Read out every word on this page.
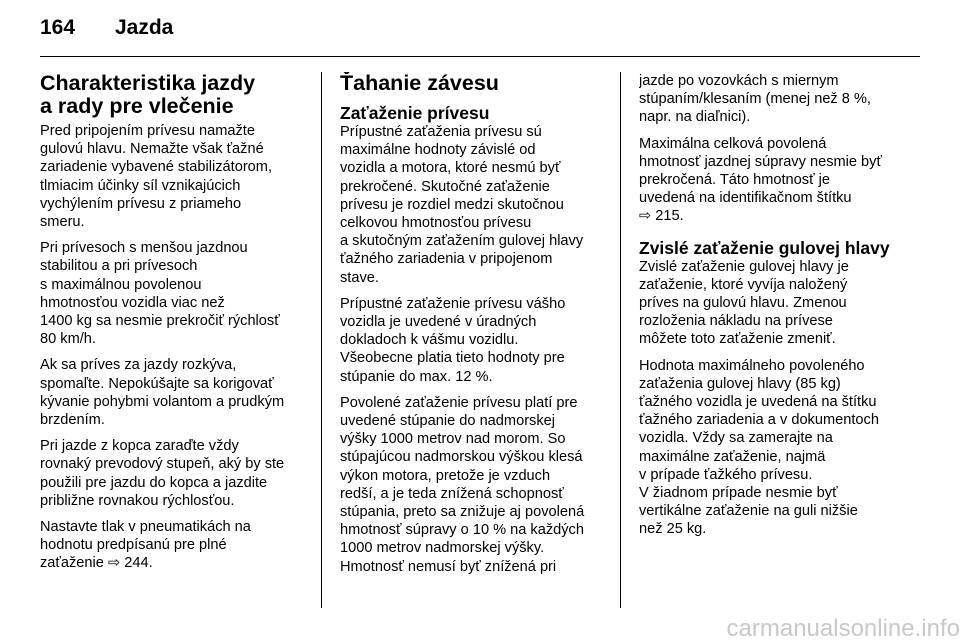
164	Jazda
Charakteristika jazdy
a rady pre vlečenie

Pred pripojením prívesu namažte
gulovú hlavu. Nemažte však ťažné
zariadenie vybavené stabilizátorom,
tlmiacim účinky síl vznikajúcich
vychýlením prívesu z priameho
smeru.

Pri prívesoch s menšou jazdnou
stabilitou a pri prívesoch
s maximálnou povolenou
hmotnosťou vozidla viac než
1400 kg sa nesmie prekročiť rýchlosť
80 km/h.

Ak sa príves za jazdy rozkýva,
spomaľte. Nepokúšajte sa korigovať
kývanie pohybmi volantom a prudkým
brzdením.

Pri jazde z kopca zaraďte vždy
rovnaký prevodový stupeň, aký by ste
použili pre jazdu do kopca a jazdite
približne rovnakou rýchlosťou.

Nastavte tlak v pneumatikách na
hodnotu predpísanú pre plné
zaťaženie ⇨ 244.

Ťahanie závesu
Zaťaženie prívesu

Prípustné zaťaženia prívesu sú
maximálne hodnoty závislé od
vozidla a motora, ktoré nesmú byť
prekročené. Skutočné zaťaženie
prívesu je rozdiel medzi skutočnou
celkovou hmotnosťou prívesu
a skutočným zaťažením gulovej hlavy
ťažného zariadenia v pripojenom
stave.

Prípustné zaťaženie prívesu vášho
vozidla je uvedené v úradných
dokladoch k vášmu vozidlu.
Všeobecne platia tieto hodnoty pre
stúpanie do max. 12 %.

Povolené zaťaženie prívesu platí pre
uvedené stúpanie do nadmorskej
výšky 1000 metrov nad morom. So
stúpajúcou nadmorskou výškou klesá
výkon motora, pretože je vzduch
redší, a je teda znížená schopnosť
stúpania, preto sa znižuje aj povolená
hmotnosť súpravy o 10 % na každých
1000 metrov nadmorskej výšky.
Hmotnosť nemusí byť znížená pri

jazde po vozovkách s miernym
stúpaním/klesaním (menej než 8 %,
napr. na diaľnici).

Maximálna celková povolená
hmotnosť jazdnej súpravy nesmie byť
prekročená. Táto hmotnosť je
uvedená na identifikačnom štítku
⇨ 215.

Zvislé zaťaženie gulovej hlavy

Zvislé zaťaženie gulovej hlavy je
zaťaženie, ktoré vyvíja naložený
príves na gulovú hlavu. Zmenou
rozloženia nákladu na prívese
môžete toto zaťaženie zmeniť.

Hodnota maximálneho povoleného
zaťaženia gulovej hlavy (85 kg)
ťažného vozidla je uvedená na štítku
ťažného zariadenia a v dokumentoch
vozidla. Vždy sa zamerajte na
maximálne zaťaženie, najmä
v prípade ťažkého prívesu.
V žiadnom prípade nesmie byť
vertikálne zaťaženie na guli nižšie
než 25 kg.

carmanualsonline.info
